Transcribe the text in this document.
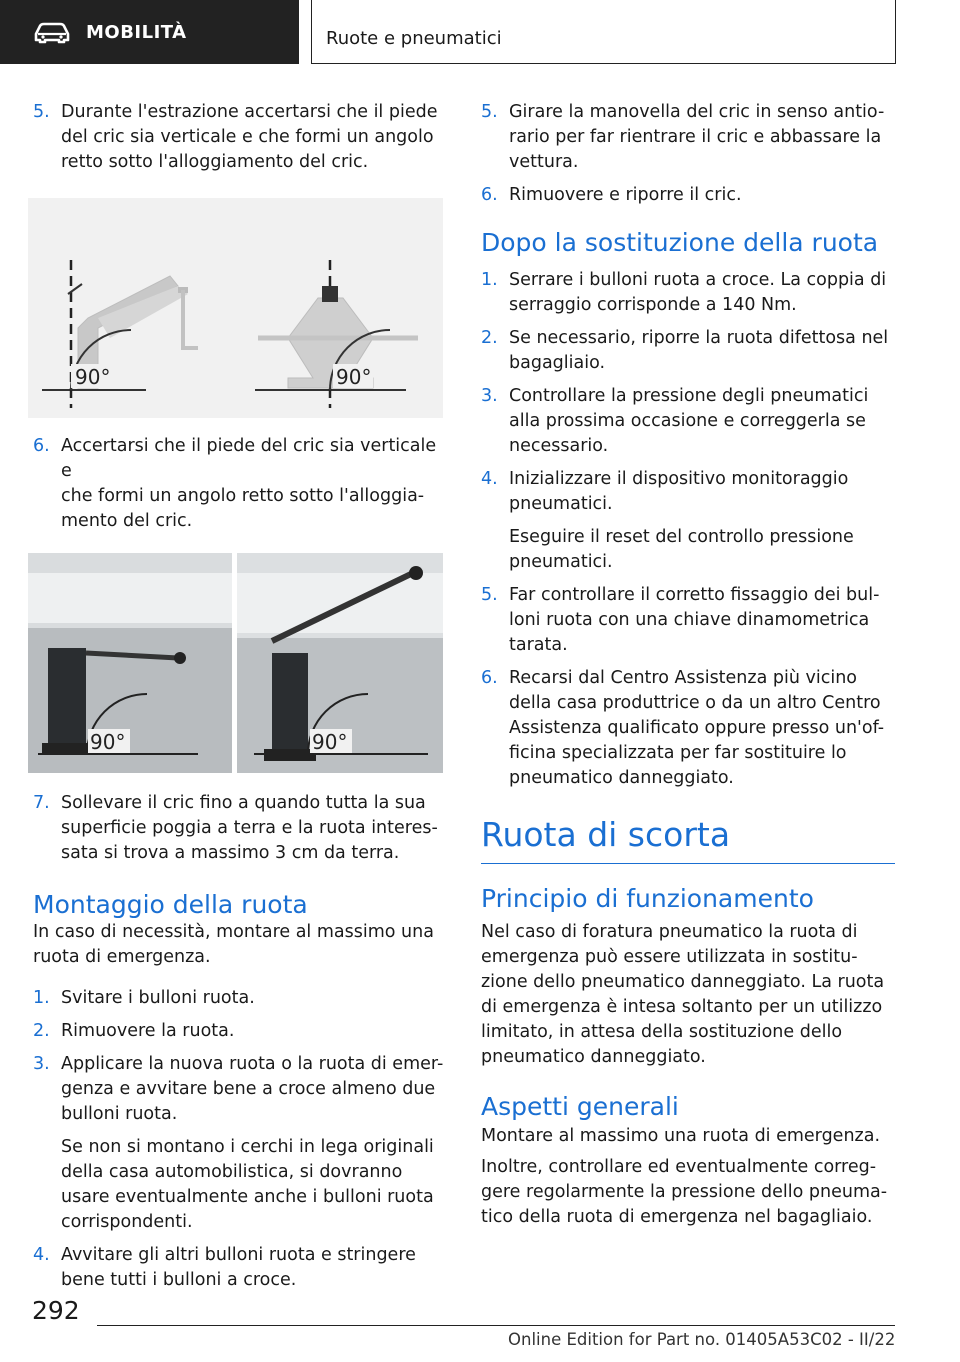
MOBILITÀ	Ruote e pneumatici
5. Durante l'estrazione accertarsi che il piede
del cric sia verticale e che formi un angolo
retto sotto l'alloggiamento del cric.
90°	90°
6. Accertarsi che il piede del cric sia verticale e
che formi un angolo retto sotto l'alloggia-
mento del cric.
90°	90°
7. Sollevare il cric fino a quando tutta la sua
superficie poggia a terra e la ruota interes-
sata si trova a massimo 3 cm da terra.
Montaggio della ruota
In caso di necessità, montare al massimo una
ruota di emergenza.
1. Svitare i bulloni ruota.
2. Rimuovere la ruota.
3. Applicare la nuova ruota o la ruota di emer-
genza e avvitare bene a croce almeno due
bulloni ruota.
Se non si montano i cerchi in lega originali
della casa automobilistica, si dovranno
usare eventualmente anche i bulloni ruota
corrispondenti.
4. Avvitare gli altri bulloni ruota e stringere
bene tutti i bulloni a croce.
5. Girare la manovella del cric in senso antio-
rario per far rientrare il cric e abbassare la
vettura.
6. Rimuovere e riporre il cric.
Dopo la sostituzione della ruota
1. Serrare i bulloni ruota a croce. La coppia di
serraggio corrisponde a 140 Nm.
2. Se necessario, riporre la ruota difettosa nel
bagagliaio.
3. Controllare la pressione degli pneumatici
alla prossima occasione e correggerla se
necessario.
4. Inizializzare il dispositivo monitoraggio
pneumatici.
Eseguire il reset del controllo pressione
pneumatici.
5. Far controllare il corretto fissaggio dei bul-
loni ruota con una chiave dinamometrica
tarata.
6. Recarsi dal Centro Assistenza più vicino
della casa produttrice o da un altro Centro
Assistenza qualificato oppure presso un'of-
ficina specializzata per far sostituire lo
pneumatico danneggiato.
Ruota di scorta
Principio di funzionamento
Nel caso di foratura pneumatico la ruota di
emergenza può essere utilizzata in sostitu-
zione dello pneumatico danneggiato. La ruota
di emergenza è intesa soltanto per un utilizzo
limitato, in attesa della sostituzione dello
pneumatico danneggiato.
Aspetti generali
Montare al massimo una ruota di emergenza.
Inoltre, controllare ed eventualmente correg-
gere regolarmente la pressione dello pneuma-
tico della ruota di emergenza nel bagagliaio.
292
Online Edition for Part no. 01405A53C02 - II/22
